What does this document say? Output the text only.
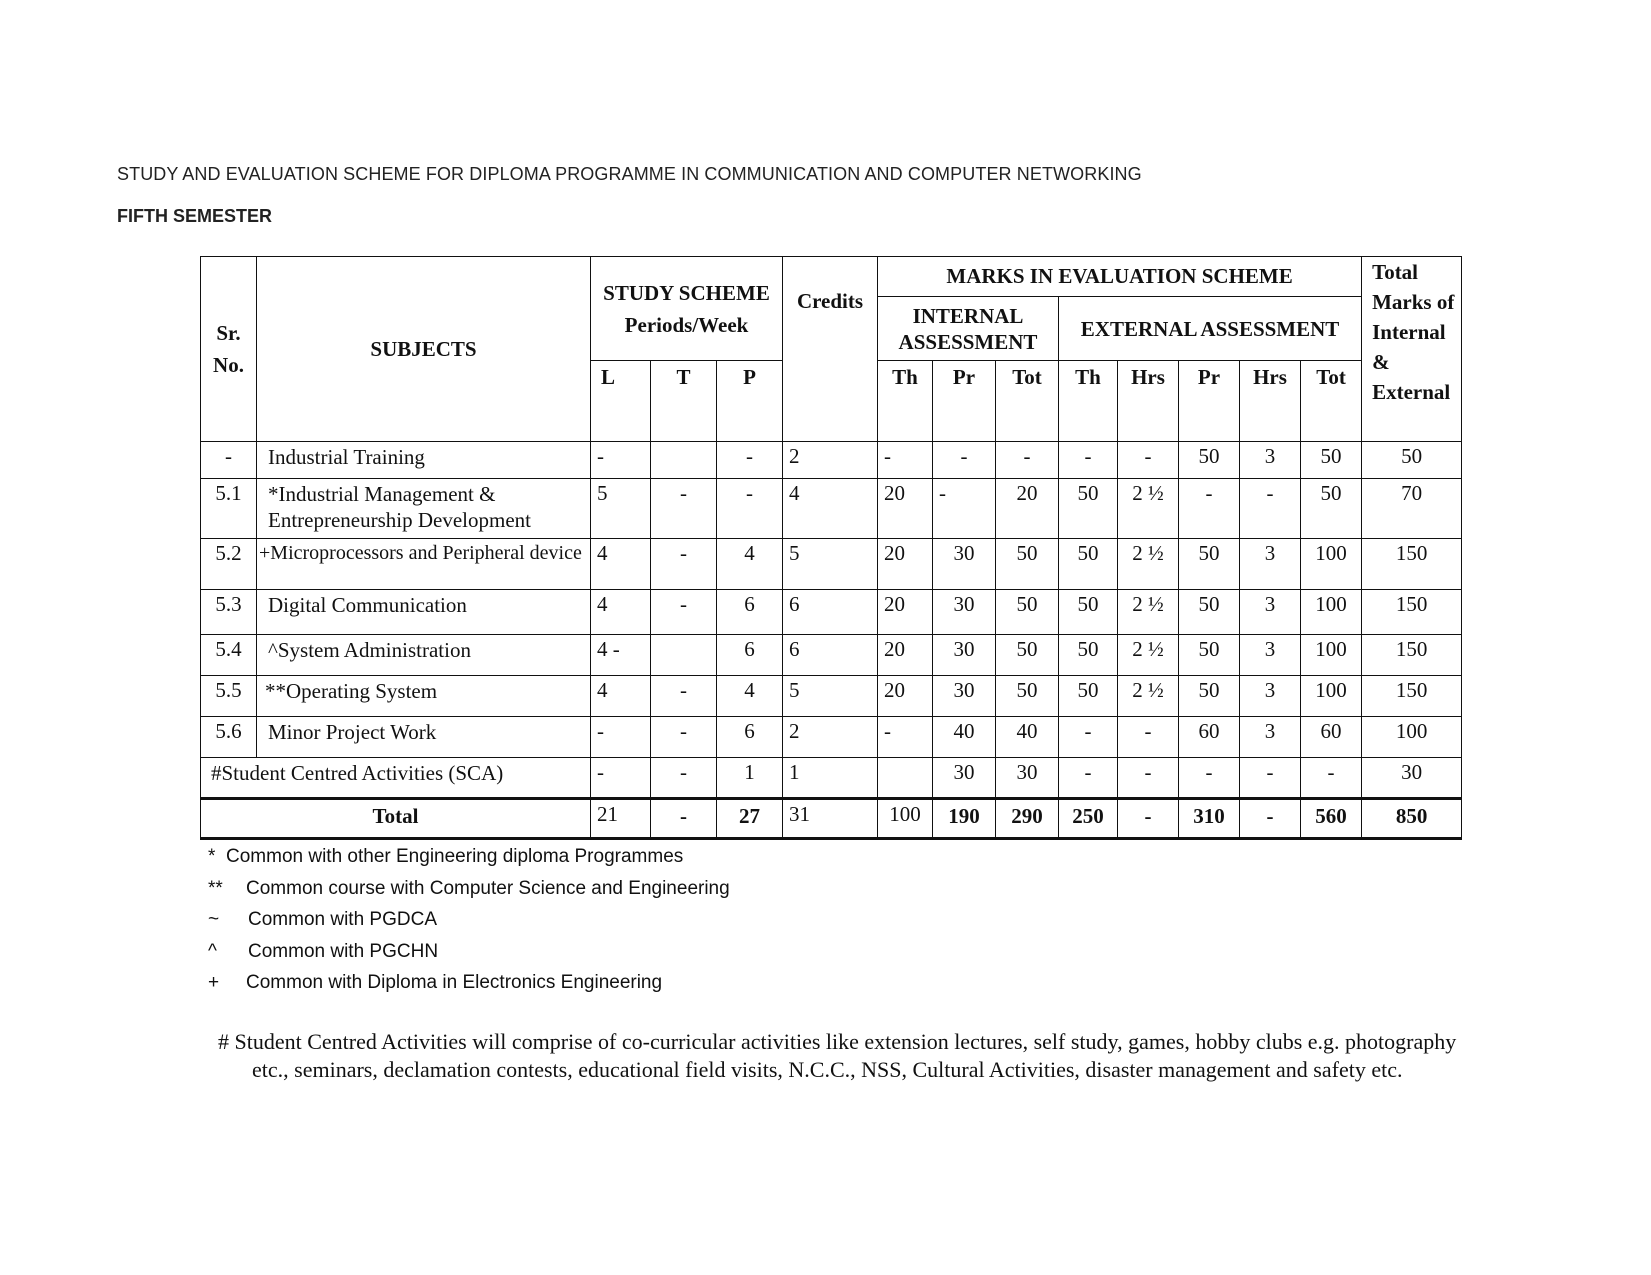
STUDY AND EVALUATION SCHEME FOR DIPLOMA PROGRAMME IN COMMUNICATION AND COMPUTER NETWORKING
FIFTH SEMESTER
Sr. No.	SUBJECTS	STUDY SCHEME Periods/Week			Credits	MARKS IN EVALUATION SCHEME								Total Marks of Internal & External
						INTERNAL ASSESSMENT			EXTERNAL ASSESSMENT					
		L	T	P		Th	Pr	Tot	Th	Hrs	Pr	Hrs	Tot	
-	Industrial Training	-		-	2	-	-	-	-	-	50	3	50	50
5.1	*Industrial Management & Entrepreneurship Development	5	-	-	4	20	-	20	50	2 ½	-	-	50	70
5.2	+Microprocessors and Peripheral device	4	-	4	5	20	30	50	50	2 ½	50	3	100	150
5.3	Digital Communication	4	-	6	6	20	30	50	50	2 ½	50	3	100	150
5.4	^System Administration	4 -		6	6	20	30	50	50	2 ½	50	3	100	150
5.5	**Operating System	4	-	4	5	20	30	50	50	2 ½	50	3	100	150
5.6	Minor Project Work	-	-	6	2	-	40	40	-	-	60	3	60	100
#Student Centred Activities (SCA)		-	-	1	1		30	30	-	-	-	-	-	30
Total		21	-	27	31	100	190	290	250	-	310	-	560	850
* Common with other Engineering diploma Programmes
**	Common course with Computer Science and Engineering
~	Common with PGDCA
^	Common with PGCHN
+	Common with Diploma in Electronics Engineering
# Student Centred Activities will comprise of co-curricular activities like extension lectures, self study, games, hobby clubs e.g. photography etc., seminars, declamation contests, educational field visits, N.C.C., NSS, Cultural Activities, disaster management and safety etc.
